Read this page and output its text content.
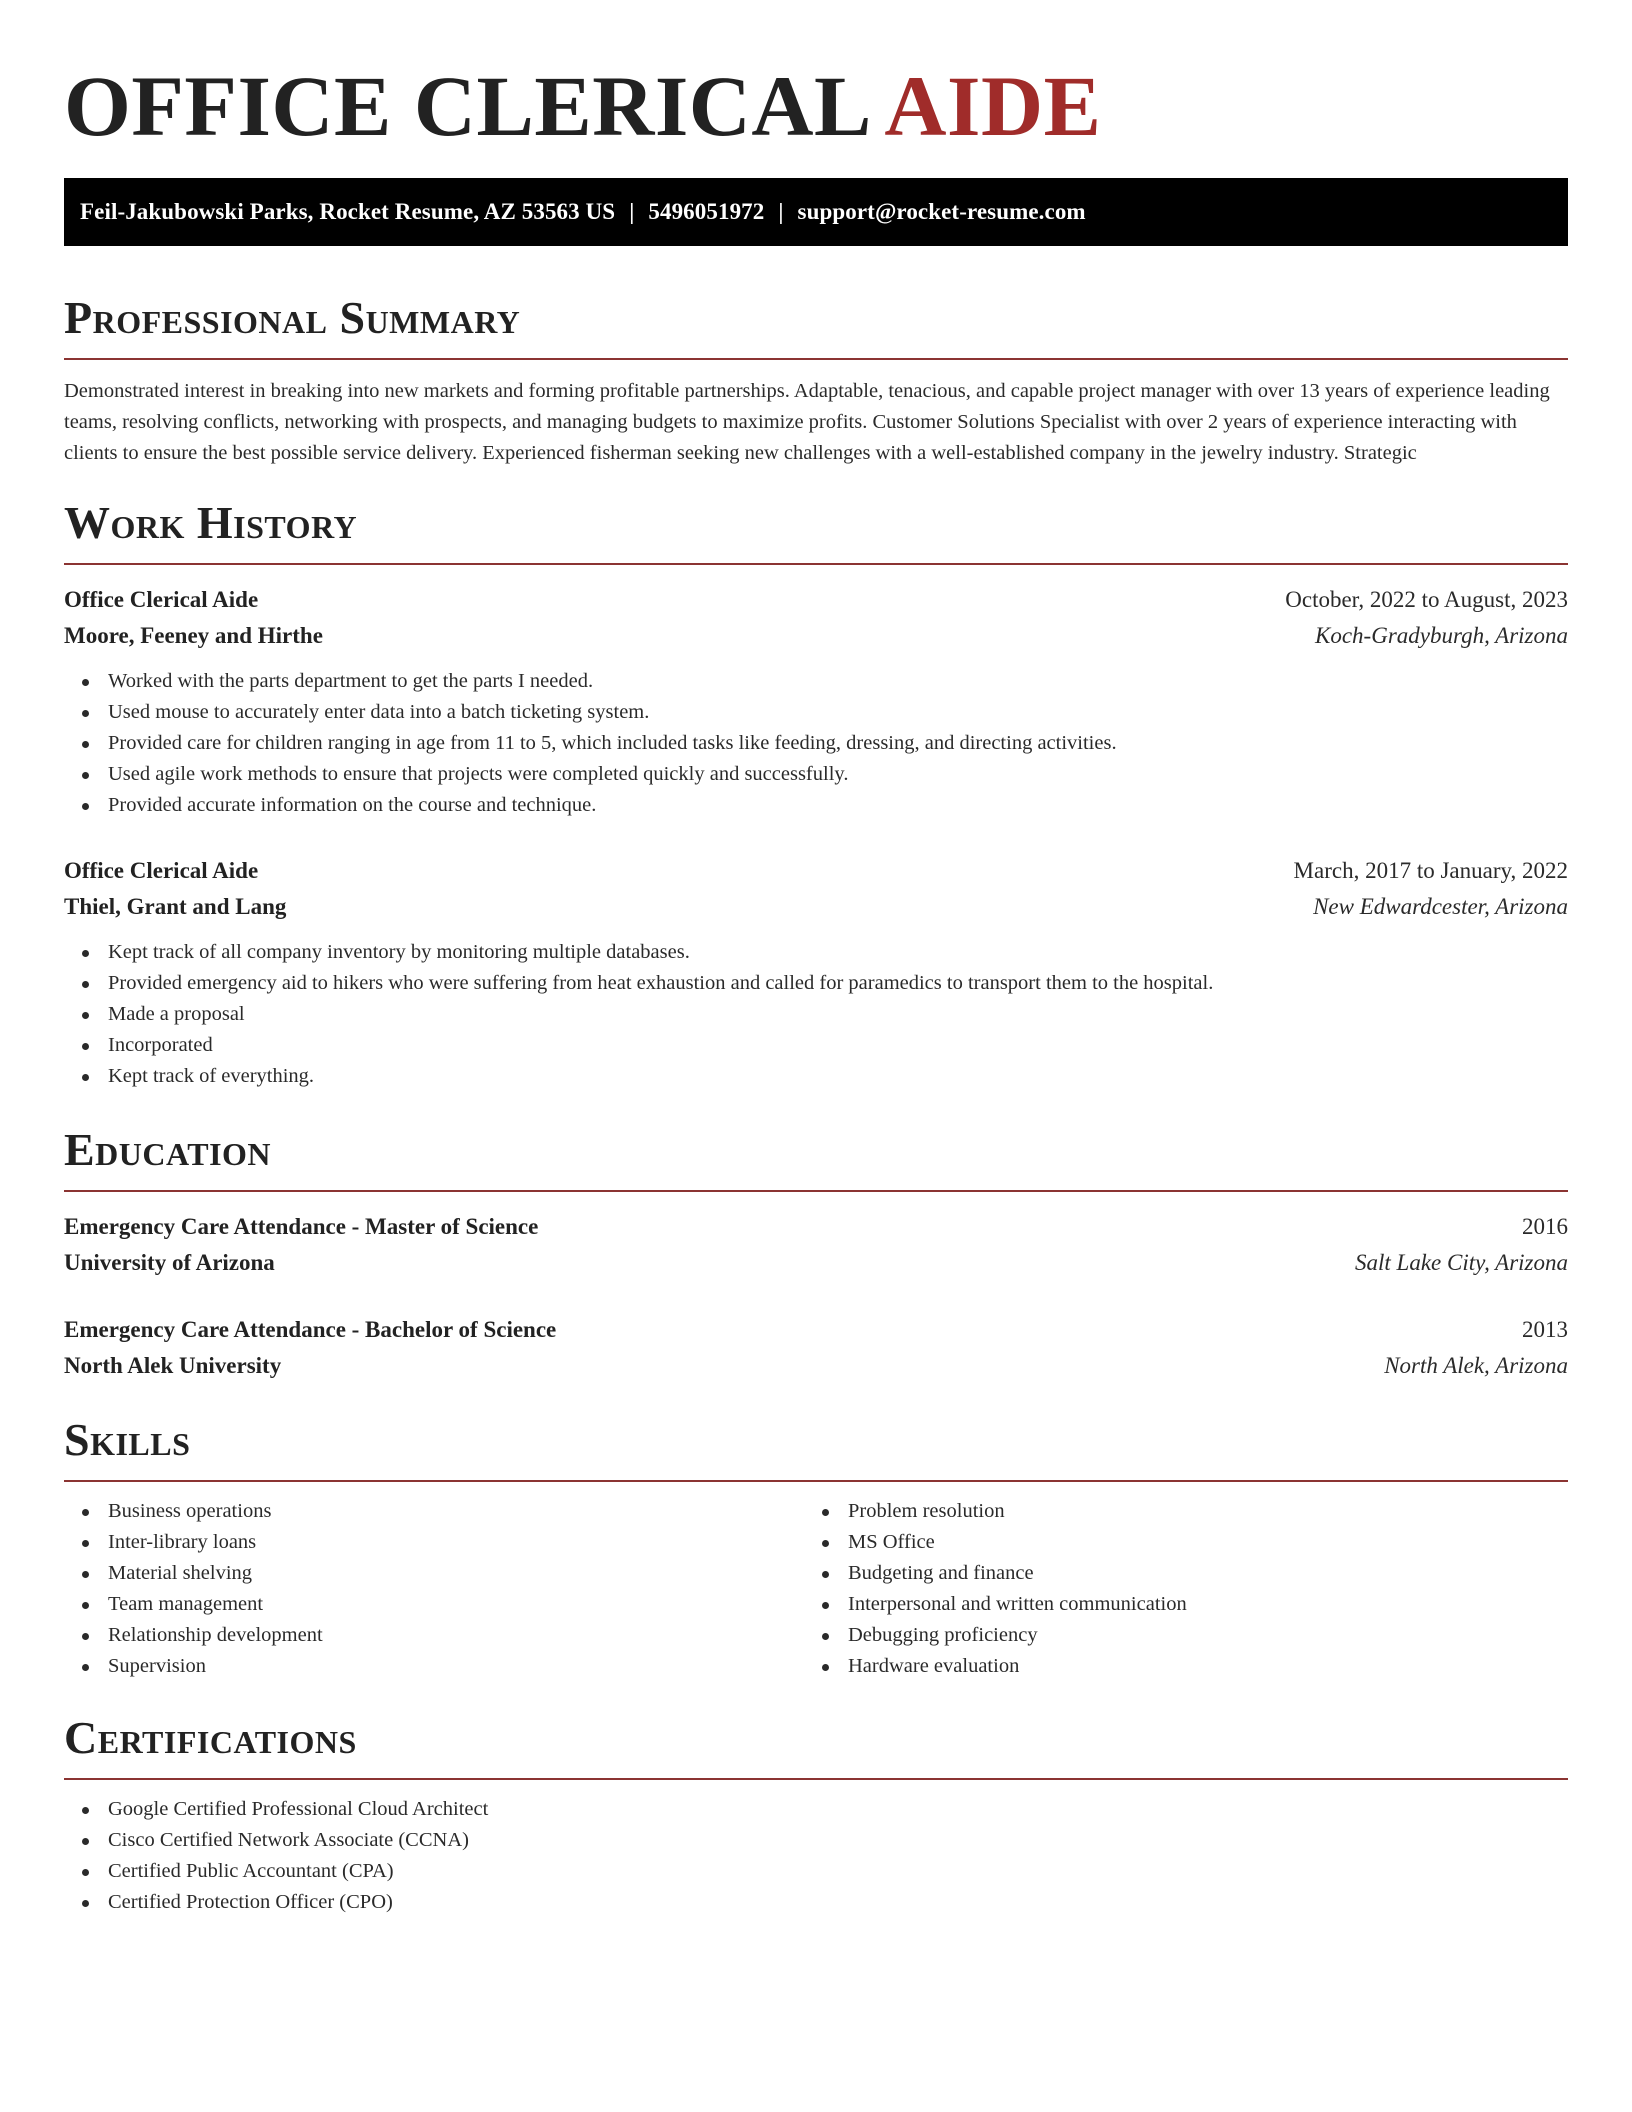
OFFICE CLERICAL AIDE
Feil-Jakubowski Parks, Rocket Resume, AZ 53563 US | 5496051972 | support@rocket-resume.com
Professional Summary

Demonstrated interest in breaking into new markets and forming profitable partnerships. Adaptable, tenacious, and capable project manager with over 13 years of experience leading teams, resolving conflicts, networking with prospects, and managing budgets to maximize profits. Customer Solutions Specialist with over 2 years of experience interacting with clients to ensure the best possible service delivery. Experienced fisherman seeking new challenges with a well-established company in the jewelry industry. Strategic

Work History
Office Clerical Aide	October, 2022 to August, 2023
Moore, Feeney and Hirthe	Koch-Gradyburgh, Arizona
Worked with the parts department to get the parts I needed.
Used mouse to accurately enter data into a batch ticketing system.
Provided care for children ranging in age from 11 to 5, which included tasks like feeding, dressing, and directing activities.
Used agile work methods to ensure that projects were completed quickly and successfully.
Provided accurate information on the course and technique.
Office Clerical Aide	March, 2017 to January, 2022
Thiel, Grant and Lang	New Edwardcester, Arizona
Kept track of all company inventory by monitoring multiple databases.
Provided emergency aid to hikers who were suffering from heat exhaustion and called for paramedics to transport them to the hospital.
Made a proposal
Incorporated
Kept track of everything.
Education
Emergency Care Attendance - Master of Science	2016
University of Arizona	Salt Lake City, Arizona
Emergency Care Attendance - Bachelor of Science	2013
North Alek University	North Alek, Arizona
Skills
Business operations
Inter-library loans
Material shelving
Team management
Relationship development
Supervision
Problem resolution
MS Office
Budgeting and finance
Interpersonal and written communication
Debugging proficiency
Hardware evaluation
Certifications
Google Certified Professional Cloud Architect
Cisco Certified Network Associate (CCNA)
Certified Public Accountant (CPA)
Certified Protection Officer (CPO)
